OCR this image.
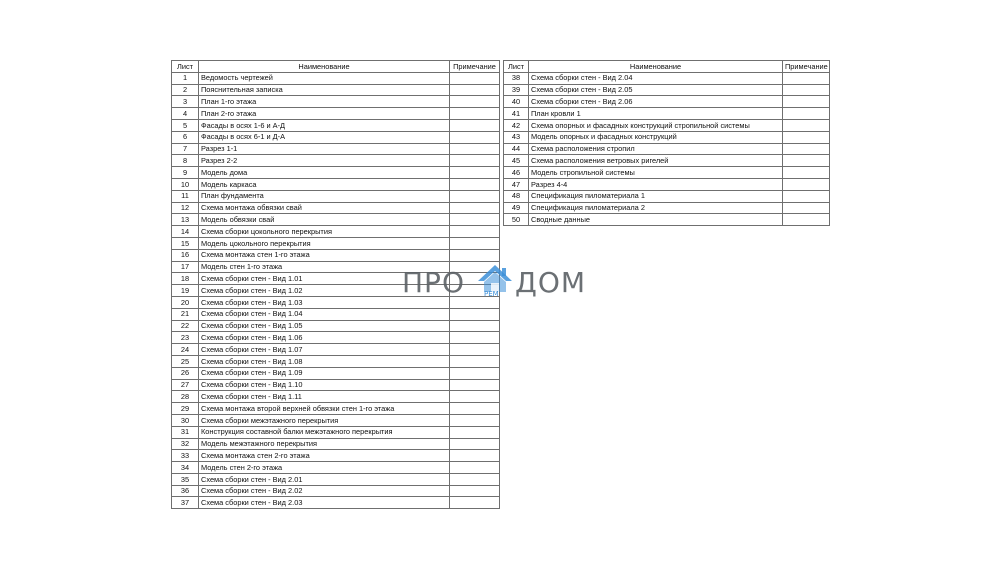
Лист	Наименование	Примечание
1	Ведомость чертежей	
2	Пояснительная записка	
3	План 1-го этажа	
4	План 2-го этажа	
5	Фасады в осях 1-6 и А-Д	
6	Фасады в осях 6-1 и Д-А	
7	Разрез 1-1	
8	Разрез 2-2	
9	Модель дома	
10	Модель каркаса	
11	План фундамента	
12	Схема монтажа обвязки свай	
13	Модель обвязки свай	
14	Схема сборки цокольного перекрытия	
15	Модель цокольного перекрытия	
16	Схема монтажа стен 1-го этажа	
17	Модель стен 1-го этажа	
18	Схема сборки стен - Вид 1.01	
19	Схема сборки стен - Вид 1.02	
20	Схема сборки стен - Вид 1.03	
21	Схема сборки стен - Вид 1.04	
22	Схема сборки стен - Вид 1.05	
23	Схема сборки стен - Вид 1.06	
24	Схема сборки стен - Вид 1.07	
25	Схема сборки стен - Вид 1.08	
26	Схема сборки стен - Вид 1.09	
27	Схема сборки стен - Вид 1.10	
28	Схема сборки стен - Вид 1.11	
29	Схема монтажа второй верхней обвязки стен 1-го этажа	
30	Схема сборки межэтажного перекрытия	
31	Конструкция составной балки межэтажного перекрытия	
32	Модель межэтажного перекрытия	
33	Схема монтажа стен 2-го этажа	
34	Модель стен 2-го этажа	
35	Схема сборки стен - Вид 2.01	
36	Схема сборки стен - Вид 2.02	
37	Схема сборки стен - Вид 2.03	
Лист	Наименование	Примечание
38	Схема сборки стен - Вид 2.04	
39	Схема сборки стен - Вид 2.05	
40	Схема сборки стен - Вид 2.06	
41	План кровли 1	
42	Схема опорных и фасадных конструкций стропильной системы	
43	Модель опорных и фасадных конструкций	
44	Схема расположения стропил	
45	Схема расположения ветровых ригелей	
46	Модель стропильной системы	
47	Разрез 4-4	
48	Спецификация пиломатериала 1	
49	Спецификация пиломатериала 2	
50	Сводные данные	
ПРО	РЕМ ДОМ
